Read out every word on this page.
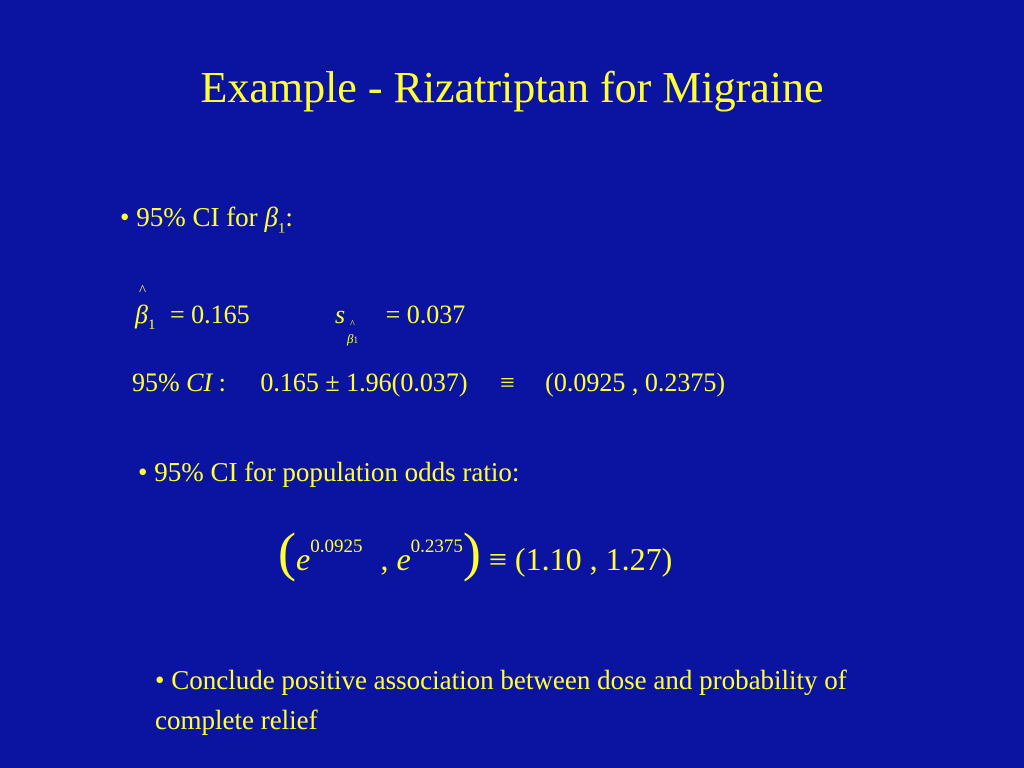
Example - Rizatriptan for Migraine
• 95% CI for $\beta_1$:
^
$\beta_1 = 0.165$	s ^
β1
= 0.037
95% CI : 0.165 ± 1.96(0.037) ≡ (0.0925 , 0.2375)
• 95% CI for population odds ratio:
($e^{0.0925}$ , $e^{0.2375}) \equiv (1.10$ , 1.27)
• Conclude positive association between dose and probability of complete relief
